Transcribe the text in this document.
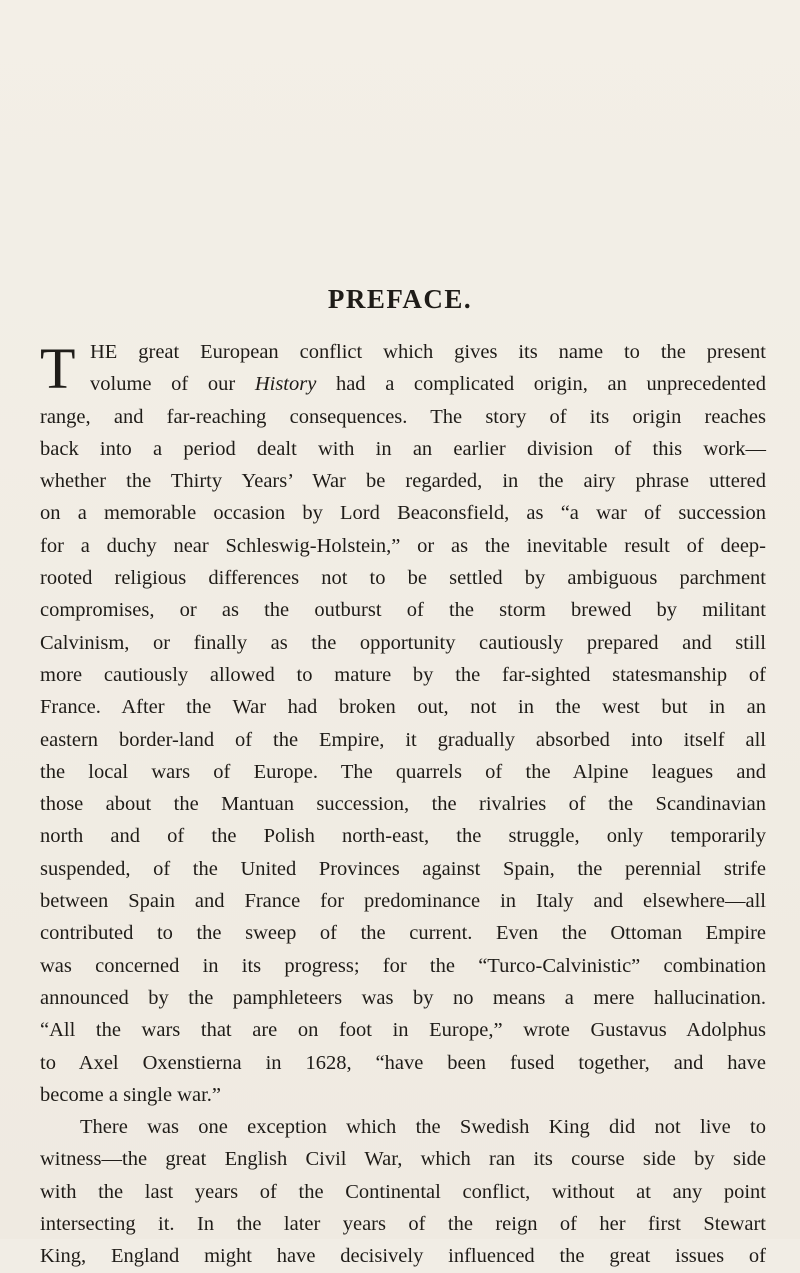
PREFACE.
T HE great European conflict which gives its name to the present
volume of our History had a complicated origin, an unprecedented
range, and far-reaching consequences. The story of its origin reaches
back into a period dealt with in an earlier division of this work—
whether the Thirty Years’ War be regarded, in the airy phrase uttered
on a memorable occasion by Lord Beaconsfield, as “a war of succession
for a duchy near Schleswig-Holstein,” or as the inevitable result of deep-
rooted religious differences not to be settled by ambiguous parchment
compromises, or as the outburst of the storm brewed by militant
Calvinism, or finally as the opportunity cautiously prepared and still
more cautiously allowed to mature by the far-sighted statesmanship of
France. After the War had broken out, not in the west but in an
eastern border-land of the Empire, it gradually absorbed into itself all
the local wars of Europe. The quarrels of the Alpine leagues and
those about the Mantuan succession, the rivalries of the Scandinavian
north and of the Polish north-east, the struggle, only temporarily
suspended, of the United Provinces against Spain, the perennial strife
between Spain and France for predominance in Italy and elsewhere—all
contributed to the sweep of the current. Even the Ottoman Empire
was concerned in its progress; for the “Turco-Calvinistic” combination
announced by the pamphleteers was by no means a mere hallucination.
“All the wars that are on foot in Europe,” wrote Gustavus Adolphus
to Axel Oxenstierna in 1628, “have been fused together, and have
become a single war.”
There was one exception which the Swedish King did not live to
witness—the great English Civil War, which ran its course side by side
with the last years of the Continental conflict, without at any point
intersecting it. In the later years of the reign of her first Stewart
King, England might have decisively influenced the great issues of
